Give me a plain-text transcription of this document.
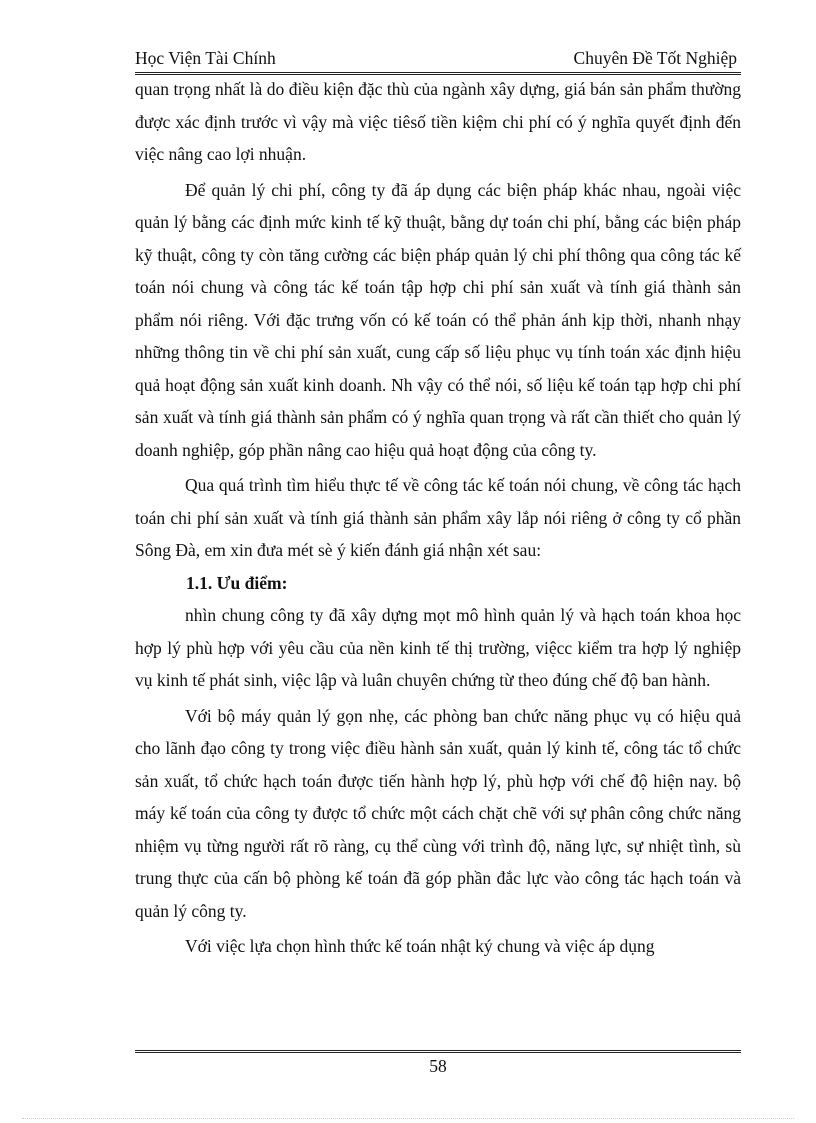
Học Viện Tài Chính	Chuyên Đề Tốt Nghiệp

quan trọng nhất là do điều kiện đặc thù của ngành xây dựng, giá bán sản phẩm thường được xác định trước vì vậy mà việc tiêsố tiền kiệm chi phí có ý nghĩa quyết định đến việc nâng cao lợi nhuận.

Để quản lý chi phí, công ty đã áp dụng các biện pháp khác nhau, ngoài việc quản lý bằng các định mức kinh tế kỹ thuật, bằng dự toán chi phí, bằng các biện pháp kỹ thuật, công ty còn tăng cường các biện pháp quản lý chi phí thông qua công tác kế toán nói chung và công tác kế toán tập hợp chi phí sản xuất và tính giá thành sản phẩm nói riêng. Với đặc trưng vốn có kế toán có thể phản ánh kịp thời, nhanh nhạy những thông tin về chi phí sản xuất, cung cấp số liệu phục vụ tính toán xác định hiệu quả hoạt động sản xuất kinh doanh. Nh vậy có thể nói, số liệu kế toán tạp hợp chi phí sản xuất và tính giá thành sản phẩm có ý nghĩa quan trọng và rất cần thiết cho quản lý doanh nghiệp, góp phần nâng cao hiệu quả hoạt động của công ty.

Qua quá trình tìm hiểu thực tế về công tác kế toán nói chung, về công tác hạch toán chi phí sản xuất và tính giá thành sản phẩm xây lắp nói riêng ở công ty cổ phần Sông Đà, em xin đưa mét sè ý kiến đánh giá nhận xét sau:

1.1. Ưu điểm:

nhìn chung công ty đã xây dựng mọt mô hình quản lý và hạch toán khoa học hợp lý phù hợp với yêu cầu của nền kinh tế thị trường, việcc kiểm tra hợp lý nghiệp vụ kinh tế phát sinh, việc lập và luân chuyên chứng từ theo đúng chế độ ban hành.

Với bộ máy quản lý gọn nhẹ, các phòng ban chức năng phục vụ có hiệu quả cho lãnh đạo công ty trong việc điều hành sản xuất, quản lý kinh tế, công tác tổ chức sản xuất, tổ chức hạch toán được tiến hành hợp lý, phù hợp với chế độ hiện nay. bộ máy kế toán của công ty được tổ chức một cách chặt chẽ với sự phân công chức năng nhiệm vụ từng người rất rõ ràng, cụ thể cùng với trình độ, năng lực, sự nhiệt tình, sù trung thực của cấn bộ phòng kế toán đã góp phần đắc lực vào công tác hạch toán và quản lý công ty.

Với việc lựa chọn hình thức kế toán nhật ký chung và việc áp dụng

58
